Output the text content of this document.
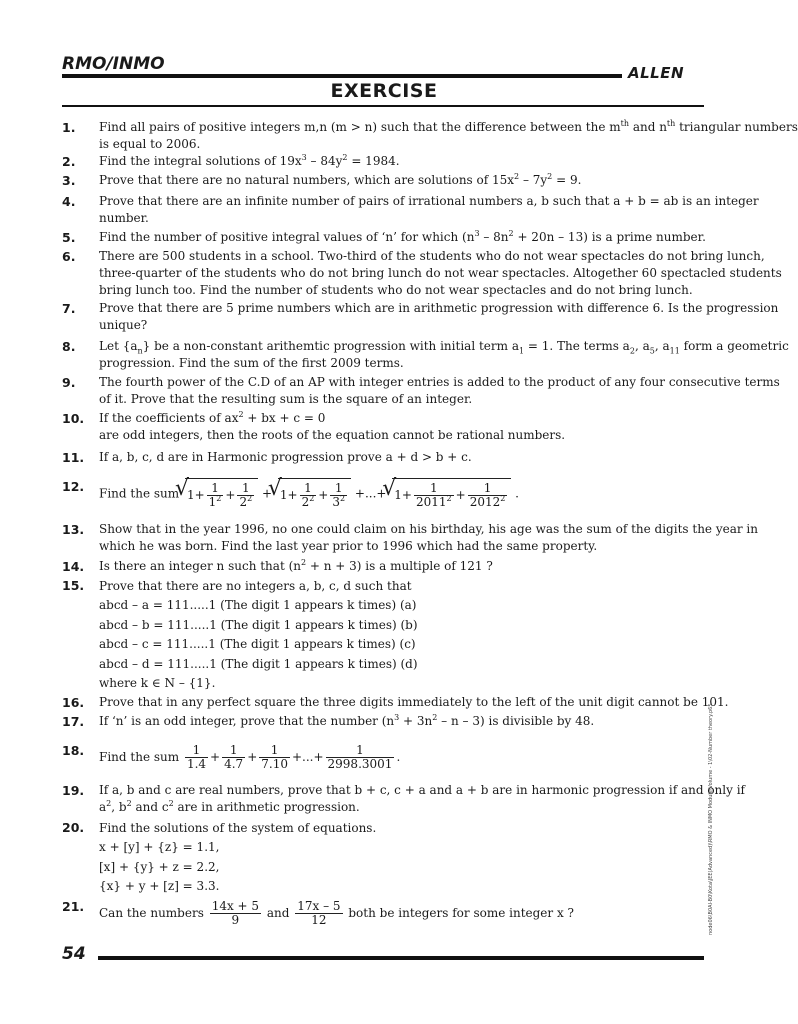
RMO/INMO	ALLEN
EXERCISE
1. Find all pairs of positive integers m,n (m > n) such that the difference between the $m^{th}$ and $n^{th}$ triangular numbers
is equal to 2006.
2. Find the integral solutions of $19x^3 - 84y^2 = 1984$.
3. Prove that there are no natural numbers, which are solutions of $15x^2 - 7y^2 = 9$.
4. Prove that there are an infinite number of pairs of irrational numbers a, b such that a + b = ab is an integer
number.
5. Find the number of positive integral values of ‘n’ for which $(n^3 - 8n^2 + 20n - 13)$ is a prime number.
6. There are 500 students in a school. Two-third of the students who do not wear spectacles do not bring lunch,
three-quarter of the students who do not bring lunch do not wear spectacles. Altogether 60 spectacled students
bring lunch too. Find the number of students who do not wear spectacles and do not bring lunch.
7. Prove that there are 5 prime numbers which are in arithmetic progression with difference 6. Is the progression
unique?
8. Let $\{a_n\}$ be a non-constant arithemtic progression with initial term $a_1 = 1$. The terms $a_2$, $a_5$, $a_{11}$ form a geometric
progression. Find the sum of the first 2009 terms.
9. The fourth power of the C.D of an AP with integer entries is added to the product of any four consecutive terms
of it. Prove that the resulting sum is the square of an integer.
10. If the coefficients of $ax^2$ + bx + c = 0
are odd integers, then the roots of the equation cannot be rational numbers.
11. If a, b, c, d are in Harmonic progression prove a + d > b + c.
12. Find the sum √ $1+ \frac{1}{1^2} + \frac{1}{2^2}$ + √ $1+ \frac{1}{2^2} + \frac{1}{3^2}$ +...+ √ $1+ \frac{1}{2011^2} + \frac{1}{2012^2}$ .
13. Show that in the year 1996, no one could claim on his birthday, his age was the sum of the digits the year in
which he was born. Find the last year prior to 1996 which had the same property.
14. Is there an integer n such that $(n^2 + n + 3)$ is a multiple of 121 ?
15. Prove that there are no integers a, b, c, d such that
abcd – a = 111.....1 (The digit 1 appears k times) (a)
abcd – b = 111.....1 (The digit 1 appears k times) (b)
abcd – c = 111.....1 (The digit 1 appears k times) (c)
abcd – d = 111.....1 (The digit 1 appears k times) (d)
where k ∈ N – {1}.
16. Prove that in any perfect square the three digits immediately to the left of the unit digit cannot be 101.
17. If ‘n’ is an odd integer, prove that the number $(n^3 + 3n^2 - n - 3)$ is divisible by 48.
18. Find the sum $\frac{1}{1.4} + \frac{1}{4.7} + \frac{1}{7.10}$ +...+ $\frac{1}{2998.3001}$ .
19. If a, b and c are real numbers, prove that b + c, c + a and a + b are in harmonic progression if and only if
$a^2$, $b^2$ and $c^2$ are in arithmetic progression.
20. Find the solutions of the system of equations.
x + [y] + {z} = 1.1,
[x] + {y} + z = 2.2,
{x} + y + [z] = 3.3.
21. Can the numbers $\frac{14x + 5}{9}$ and $\frac{17x - 5}{12}$ both be integers for some integer x ?
54
node06\B0AI-B0\Kota\JEE(Advanced)\RMO & INMO Module\Volume - 1\02-Number theory.p65
